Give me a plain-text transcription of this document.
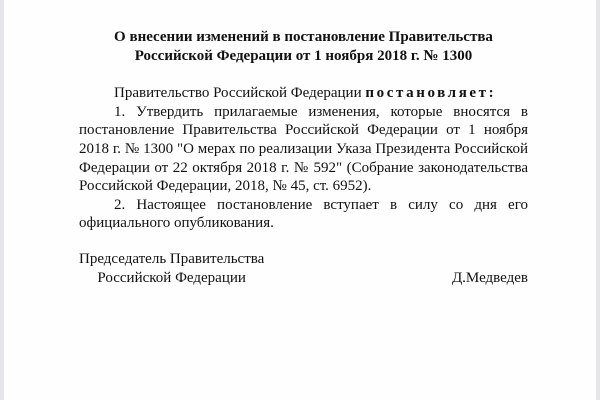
О внесении изменений в постановление Правительства
Российской Федерации от 1 ноября 2018 г. № 1300

Правительство Российской Федерации постановляет:

1. Утвердить прилагаемые изменения, которые вносятся в постановление Правительства Российской Федерации от 1 ноября 2018 г. № 1300 "О мерах по реализации Указа Президента Российской Федерации от 22 октября 2018 г. № 592" (Собрание законодательства Российской Федерации, 2018, № 45, ст. 6952).

2. Настоящее постановление вступает в силу со дня его официального опубликования.

Председатель Правительства
Российской Федерации	Д.Медведев
